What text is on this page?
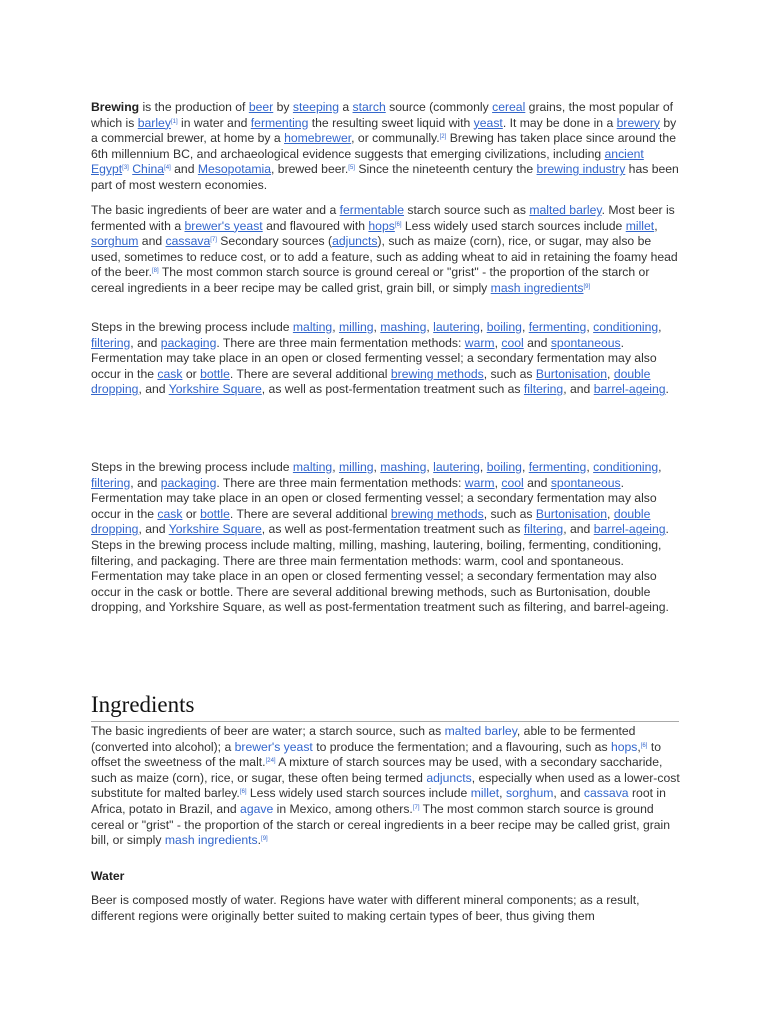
Brewing is the production of beer by steeping a starch source (commonly cereal grains, the most popular of which is barley[1] in water and fermenting the resulting sweet liquid with yeast. It may be done in a brewery by a commercial brewer, at home by a homebrewer, or communally.[2] Brewing has taken place since around the 6th millennium BC, and archaeological evidence suggests that emerging civilizations, including ancient Egypt[3] China[4] and Mesopotamia, brewed beer.[5] Since the nineteenth century the brewing industry has been part of most western economies.

The basic ingredients of beer are water and a fermentable starch source such as malted barley. Most beer is fermented with a brewer's yeast and flavoured with hops[6] Less widely used starch sources include millet, sorghum and cassava[7] Secondary sources (adjuncts), such as maize (corn), rice, or sugar, may also be used, sometimes to reduce cost, or to add a feature, such as adding wheat to aid in retaining the foamy head of the beer.[8] The most common starch source is ground cereal or "grist" - the proportion of the starch or cereal ingredients in a beer recipe may be called grist, grain bill, or simply mash ingredients[9]

Steps in the brewing process include malting, milling, mashing, lautering, boiling, fermenting, conditioning, filtering, and packaging. There are three main fermentation methods: warm, cool and spontaneous. Fermentation may take place in an open or closed fermenting vessel; a secondary fermentation may also occur in the cask or bottle. There are several additional brewing methods, such as Burtonisation, double dropping, and Yorkshire Square, as well as post-fermentation treatment such as filtering, and barrel-ageing.

Steps in the brewing process include malting, milling, mashing, lautering, boiling, fermenting, conditioning, filtering, and packaging. There are three main fermentation methods: warm, cool and spontaneous. Fermentation may take place in an open or closed fermenting vessel; a secondary fermentation may also occur in the cask or bottle. There are several additional brewing methods, such as Burtonisation, double dropping, and Yorkshire Square, as well as post-fermentation treatment such as filtering, and barrel-ageing. Steps in the brewing process include malting, milling, mashing, lautering, boiling, fermenting, conditioning, filtering, and packaging. There are three main fermentation methods: warm, cool and spontaneous. Fermentation may take place in an open or closed fermenting vessel; a secondary fermentation may also occur in the cask or bottle. There are several additional brewing methods, such as Burtonisation, double dropping, and Yorkshire Square, as well as post-fermentation treatment such as filtering, and barrel-ageing.

Ingredients

The basic ingredients of beer are water; a starch source, such as malted barley, able to be fermented (converted into alcohol); a brewer's yeast to produce the fermentation; and a flavouring, such as hops,[6] to offset the sweetness of the malt.[24] A mixture of starch sources may be used, with a secondary saccharide, such as maize (corn), rice, or sugar, these often being termed adjuncts, especially when used as a lower-cost substitute for malted barley.[6] Less widely used starch sources include millet, sorghum, and cassava root in Africa, potato in Brazil, and agave in Mexico, among others.[7] The most common starch source is ground cereal or "grist" - the proportion of the starch or cereal ingredients in a beer recipe may be called grist, grain bill, or simply mash ingredients.[9]

Water

Beer is composed mostly of water. Regions have water with different mineral components; as a result, different regions were originally better suited to making certain types of beer, thus giving them
